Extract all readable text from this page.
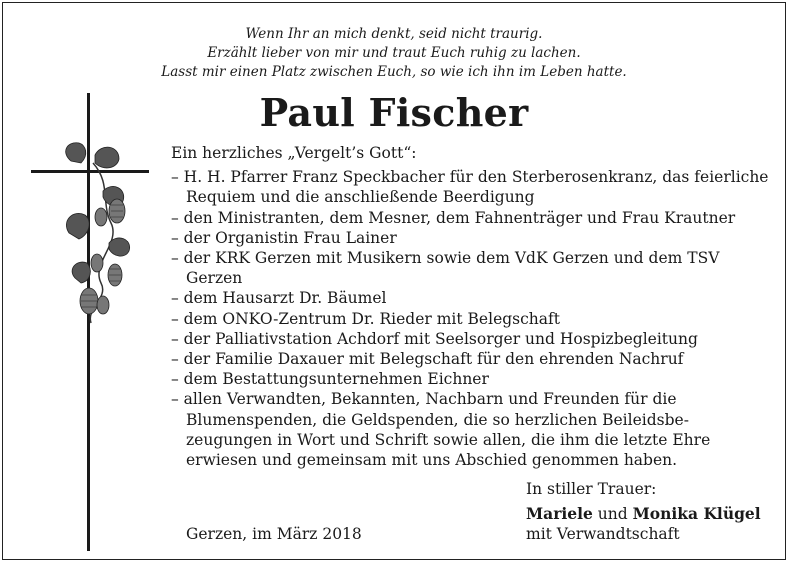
Wenn Ihr an mich denkt, seid nicht traurig.
Erzählt lieber von mir und traut Euch ruhig zu lachen.
Lasst mir einen Platz zwischen Euch, so wie ich ihn im Leben hatte.
Paul Fischer
Ein herzliches „Vergelt’s Gott“:
– H. H. Pfarrer Franz Speckbacher für den Sterberosenkranz, das feierliche Requiem und die anschließende Beerdigung
– den Ministranten, dem Mesner, dem Fahnenträger und Frau Krautner
– der Organistin Frau Lainer
– der KRK Gerzen mit Musikern sowie dem VdK Gerzen und dem TSV Gerzen
– dem Hausarzt Dr. Bäumel
– dem ONKO-Zentrum Dr. Rieder mit Belegschaft
– der Palliativstation Achdorf mit Seelsorger und Hospizbegleitung
– der Familie Daxauer mit Belegschaft für den ehrenden Nachruf
– dem Bestattungsunternehmen Eichner
– allen Verwandten, Bekannten, Nachbarn und Freunden für die Blumenspenden, die Geldspenden, die so herzlichen Beileidsbe-zeugungen in Wort und Schrift sowie allen, die ihm die letzte Ehre erwiesen und gemeinsam mit uns Abschied genommen haben.
In stiller Trauer:
Mariele und Monika Klügel
mit Verwandtschaft
Gerzen, im März 2018
